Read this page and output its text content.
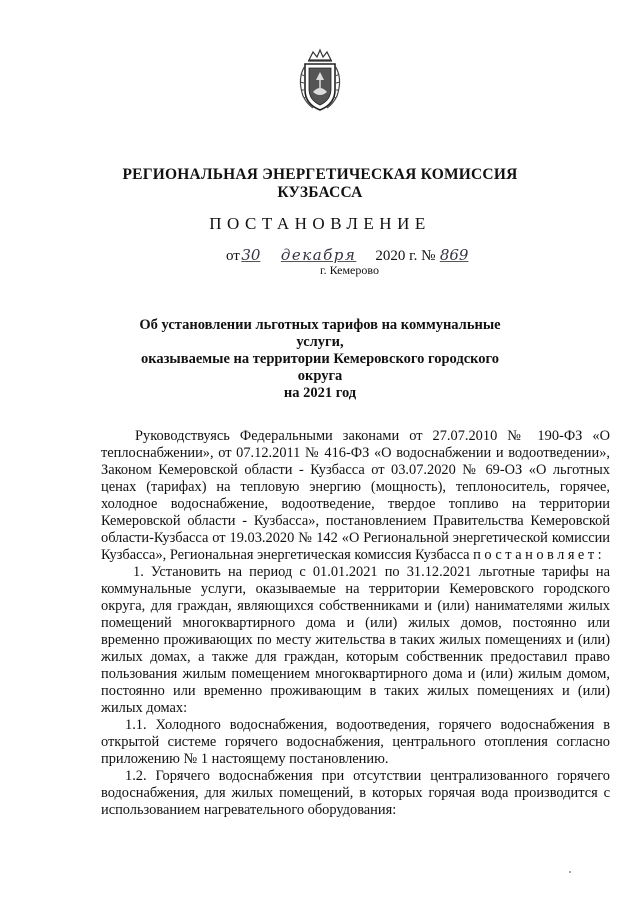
РЕГИОНАЛЬНАЯ ЭНЕРГЕТИЧЕСКАЯ КОМИССИЯ
КУЗБАССА
ПОСТАНОВЛЕНИЕ
от30 декабря 2020 г. № 869
г. Кемерово
Об установлении льготных тарифов на коммунальные услуги,
оказываемые на территории Кемеровского городского округа
на 2021 год

Руководствуясь Федеральными законами от 27.07.2010 № 190-ФЗ «О теплоснабжении», от 07.12.2011 № 416-ФЗ «О водоснабжении и водоотведении», Законом Кемеровской области - Кузбасса от 03.07.2020 № 69-ОЗ «О льготных ценах (тарифах) на тепловую энергию (мощность), теплоноситель, горячее, холодное водоснабжение, водоотведение, твердое топливо на территории Кемеровской области - Кузбасса», постановлением Правительства Кемеровской области-Кузбасса от 19.03.2020 № 142 «О Региональной энергетической комиссии Кузбасса», Региональная энергетическая комиссия Кузбасса постановляет:

1. Установить на период с 01.01.2021 по 31.12.2021 льготные тарифы на коммунальные услуги, оказываемые на территории Кемеровского городского округа, для граждан, являющихся собственниками и (или) нанимателями жилых помещений многоквартирного дома и (или) жилых домов, постоянно или временно проживающих по месту жительства в таких жилых помещениях и (или) жилых домах, а также для граждан, которым собственник предоставил право пользования жилым помещением многоквартирного дома и (или) жилым домом, постоянно или временно проживающим в таких жилых помещениях и (или) жилых домах:

1.1. Холодного водоснабжения, водоотведения, горячего водоснабжения в открытой системе горячего водоснабжения, центрального отопления согласно приложению № 1 настоящему постановлению.

1.2. Горячего водоснабжения при отсутствии централизованного горячего водоснабжения, для жилых помещений, в которых горячая вода производится с использованием нагревательного оборудования:
